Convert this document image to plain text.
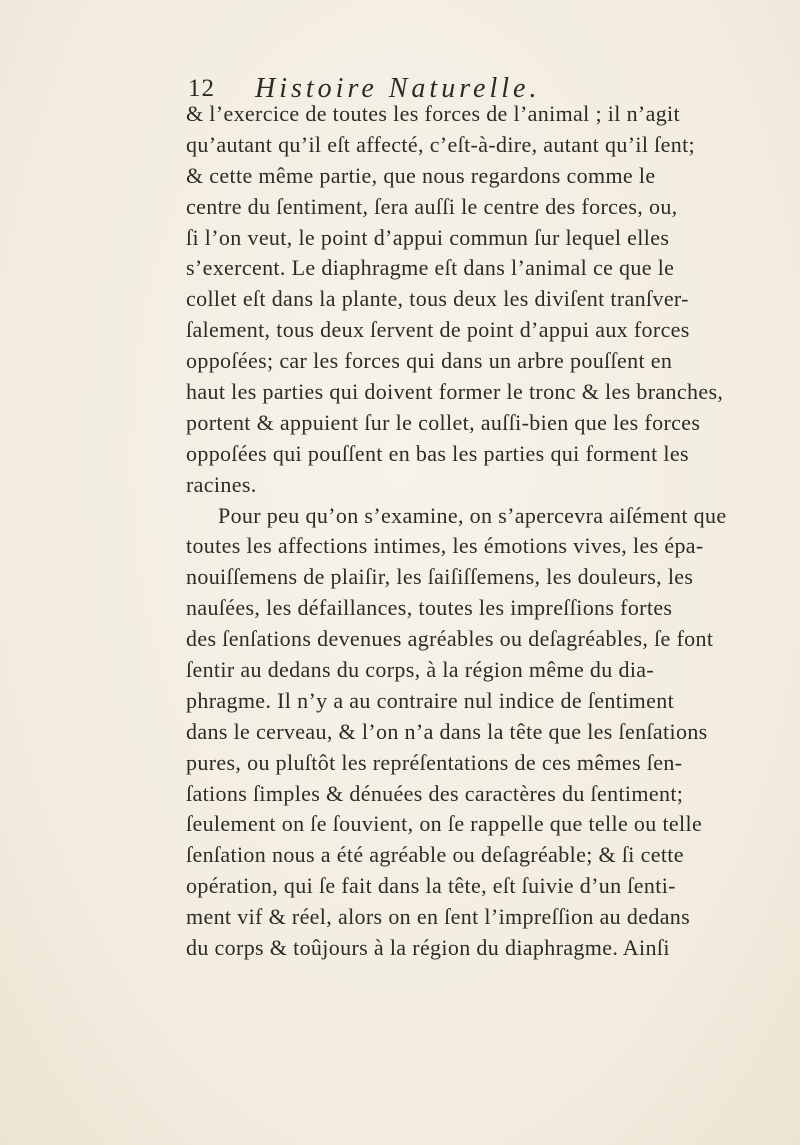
12 Histoire Naturelle.
& l’exercice de toutes les forces de l’animal ; il n’agit
qu’autant qu’il eſt affecté, c’eſt-à-dire, autant qu’il ſent;
& cette même partie, que nous regardons comme le
centre du ſentiment, ſera auſſi le centre des forces, ou,
ſi l’on veut, le point d’appui commun ſur lequel elles
s’exercent. Le diaphragme eſt dans l’animal ce que le
collet eſt dans la plante, tous deux les diviſent tranſver-
ſalement, tous deux ſervent de point d’appui aux forces
oppoſées; car les forces qui dans un arbre pouſſent en
haut les parties qui doivent former le tronc & les branches,
portent & appuient ſur le collet, auſſi-bien que les forces
oppoſées qui pouſſent en bas les parties qui forment les
racines.
Pour peu qu’on s’examine, on s’apercevra aiſément que
toutes les affections intimes, les émotions vives, les épa-
nouiſſemens de plaiſir, les ſaiſiſſemens, les douleurs, les
nauſées, les défaillances, toutes les impreſſions fortes
des ſenſations devenues agréables ou deſagréables, ſe font
ſentir au dedans du corps, à la région même du dia-
phragme. Il n’y a au contraire nul indice de ſentiment
dans le cerveau, & l’on n’a dans la tête que les ſenſations
pures, ou pluſtôt les repréſentations de ces mêmes ſen-
ſations ſimples & dénuées des caractères du ſentiment;
ſeulement on ſe ſouvient, on ſe rappelle que telle ou telle
ſenſation nous a été agréable ou deſagréable; & ſi cette
opération, qui ſe fait dans la tête, eſt ſuivie d’un ſenti-
ment vif & réel, alors on en ſent l’impreſſion au dedans
du corps & toûjours à la région du diaphragme. Ainſi
